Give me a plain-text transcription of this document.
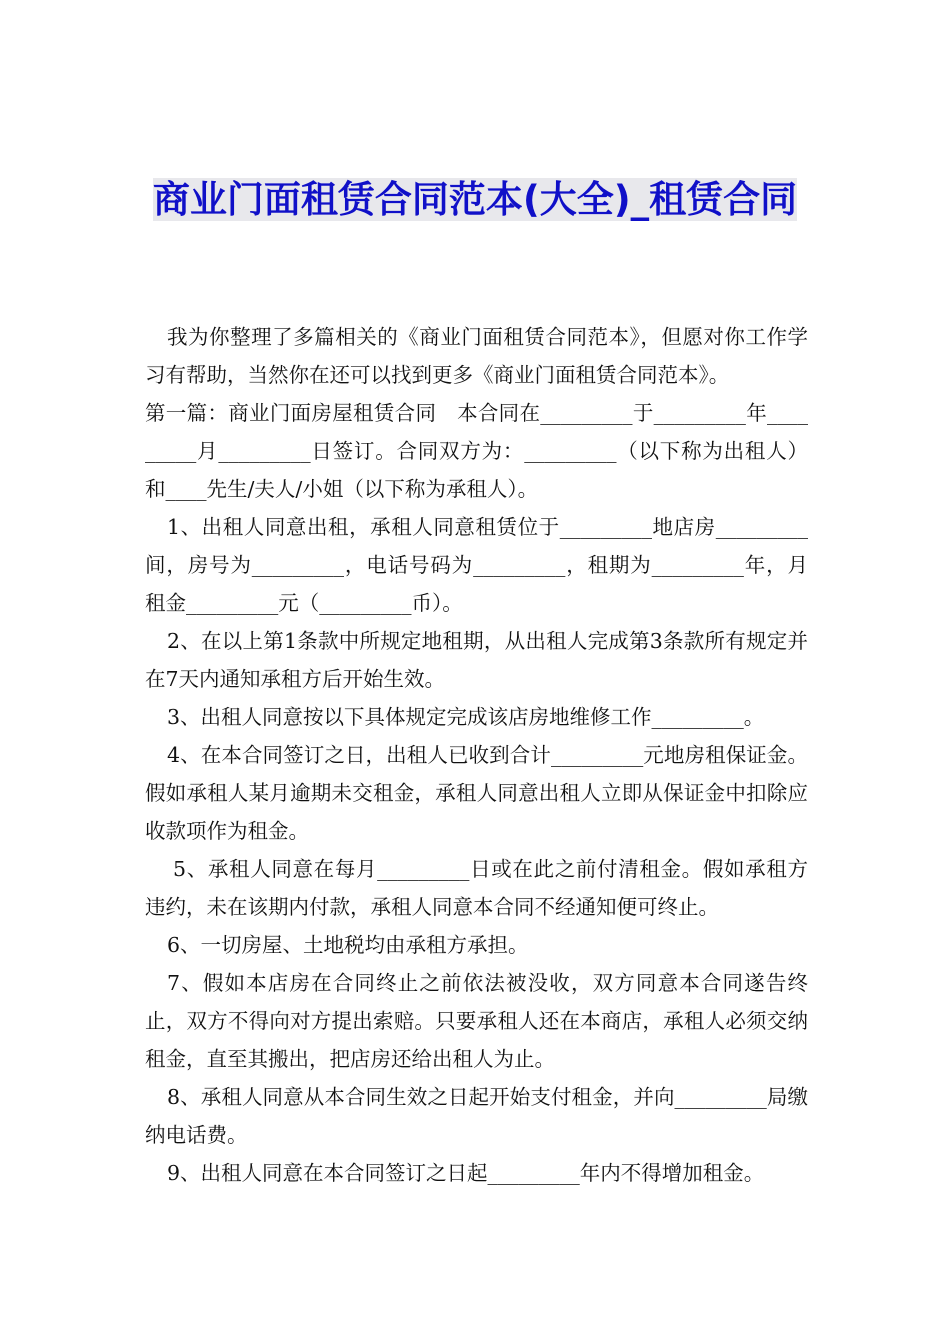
商业门面租赁合同范本(大全)_租赁合同

我为你整理了多篇相关的《商业门面租赁合同范本》，但愿对你工作学习有帮助，当然你在还可以找到更多《商业门面租赁合同范本》。

第一篇：商业门面房屋租赁合同　本合同在_________于_________年_________月_________日签订。合同双方为：_________（以下称为出租人）和____先生/夫人/小姐（以下称为承租人）。

1、出租人同意出租，承租人同意租赁位于_________地店房_________间，房号为_________，电话号码为_________，租期为_________年，月租金_________元（_________币）。

2、在以上第1条款中所规定地租期，从出租人完成第3条款所有规定并在7天内通知承租方后开始生效。

3、出租人同意按以下具体规定完成该店房地维修工作_________。

4、在本合同签订之日，出租人已收到合计_________元地房租保证金。假如承租人某月逾期未交租金，承租人同意出租人立即从保证金中扣除应收款项作为租金。

5、承租人同意在每月_________日或在此之前付清租金。假如承租方违约，未在该期内付款，承租人同意本合同不经通知便可终止。

6、一切房屋、土地税均由承租方承担。

7、假如本店房在合同终止之前依法被没收，双方同意本合同遂告终止，双方不得向对方提出索赔。只要承租人还在本商店，承租人必须交纳租金，直至其搬出，把店房还给出租人为止。

8、承租人同意从本合同生效之日起开始支付租金，并向_________局缴纳电话费。

9、出租人同意在本合同签订之日起_________年内不得增加租金。
